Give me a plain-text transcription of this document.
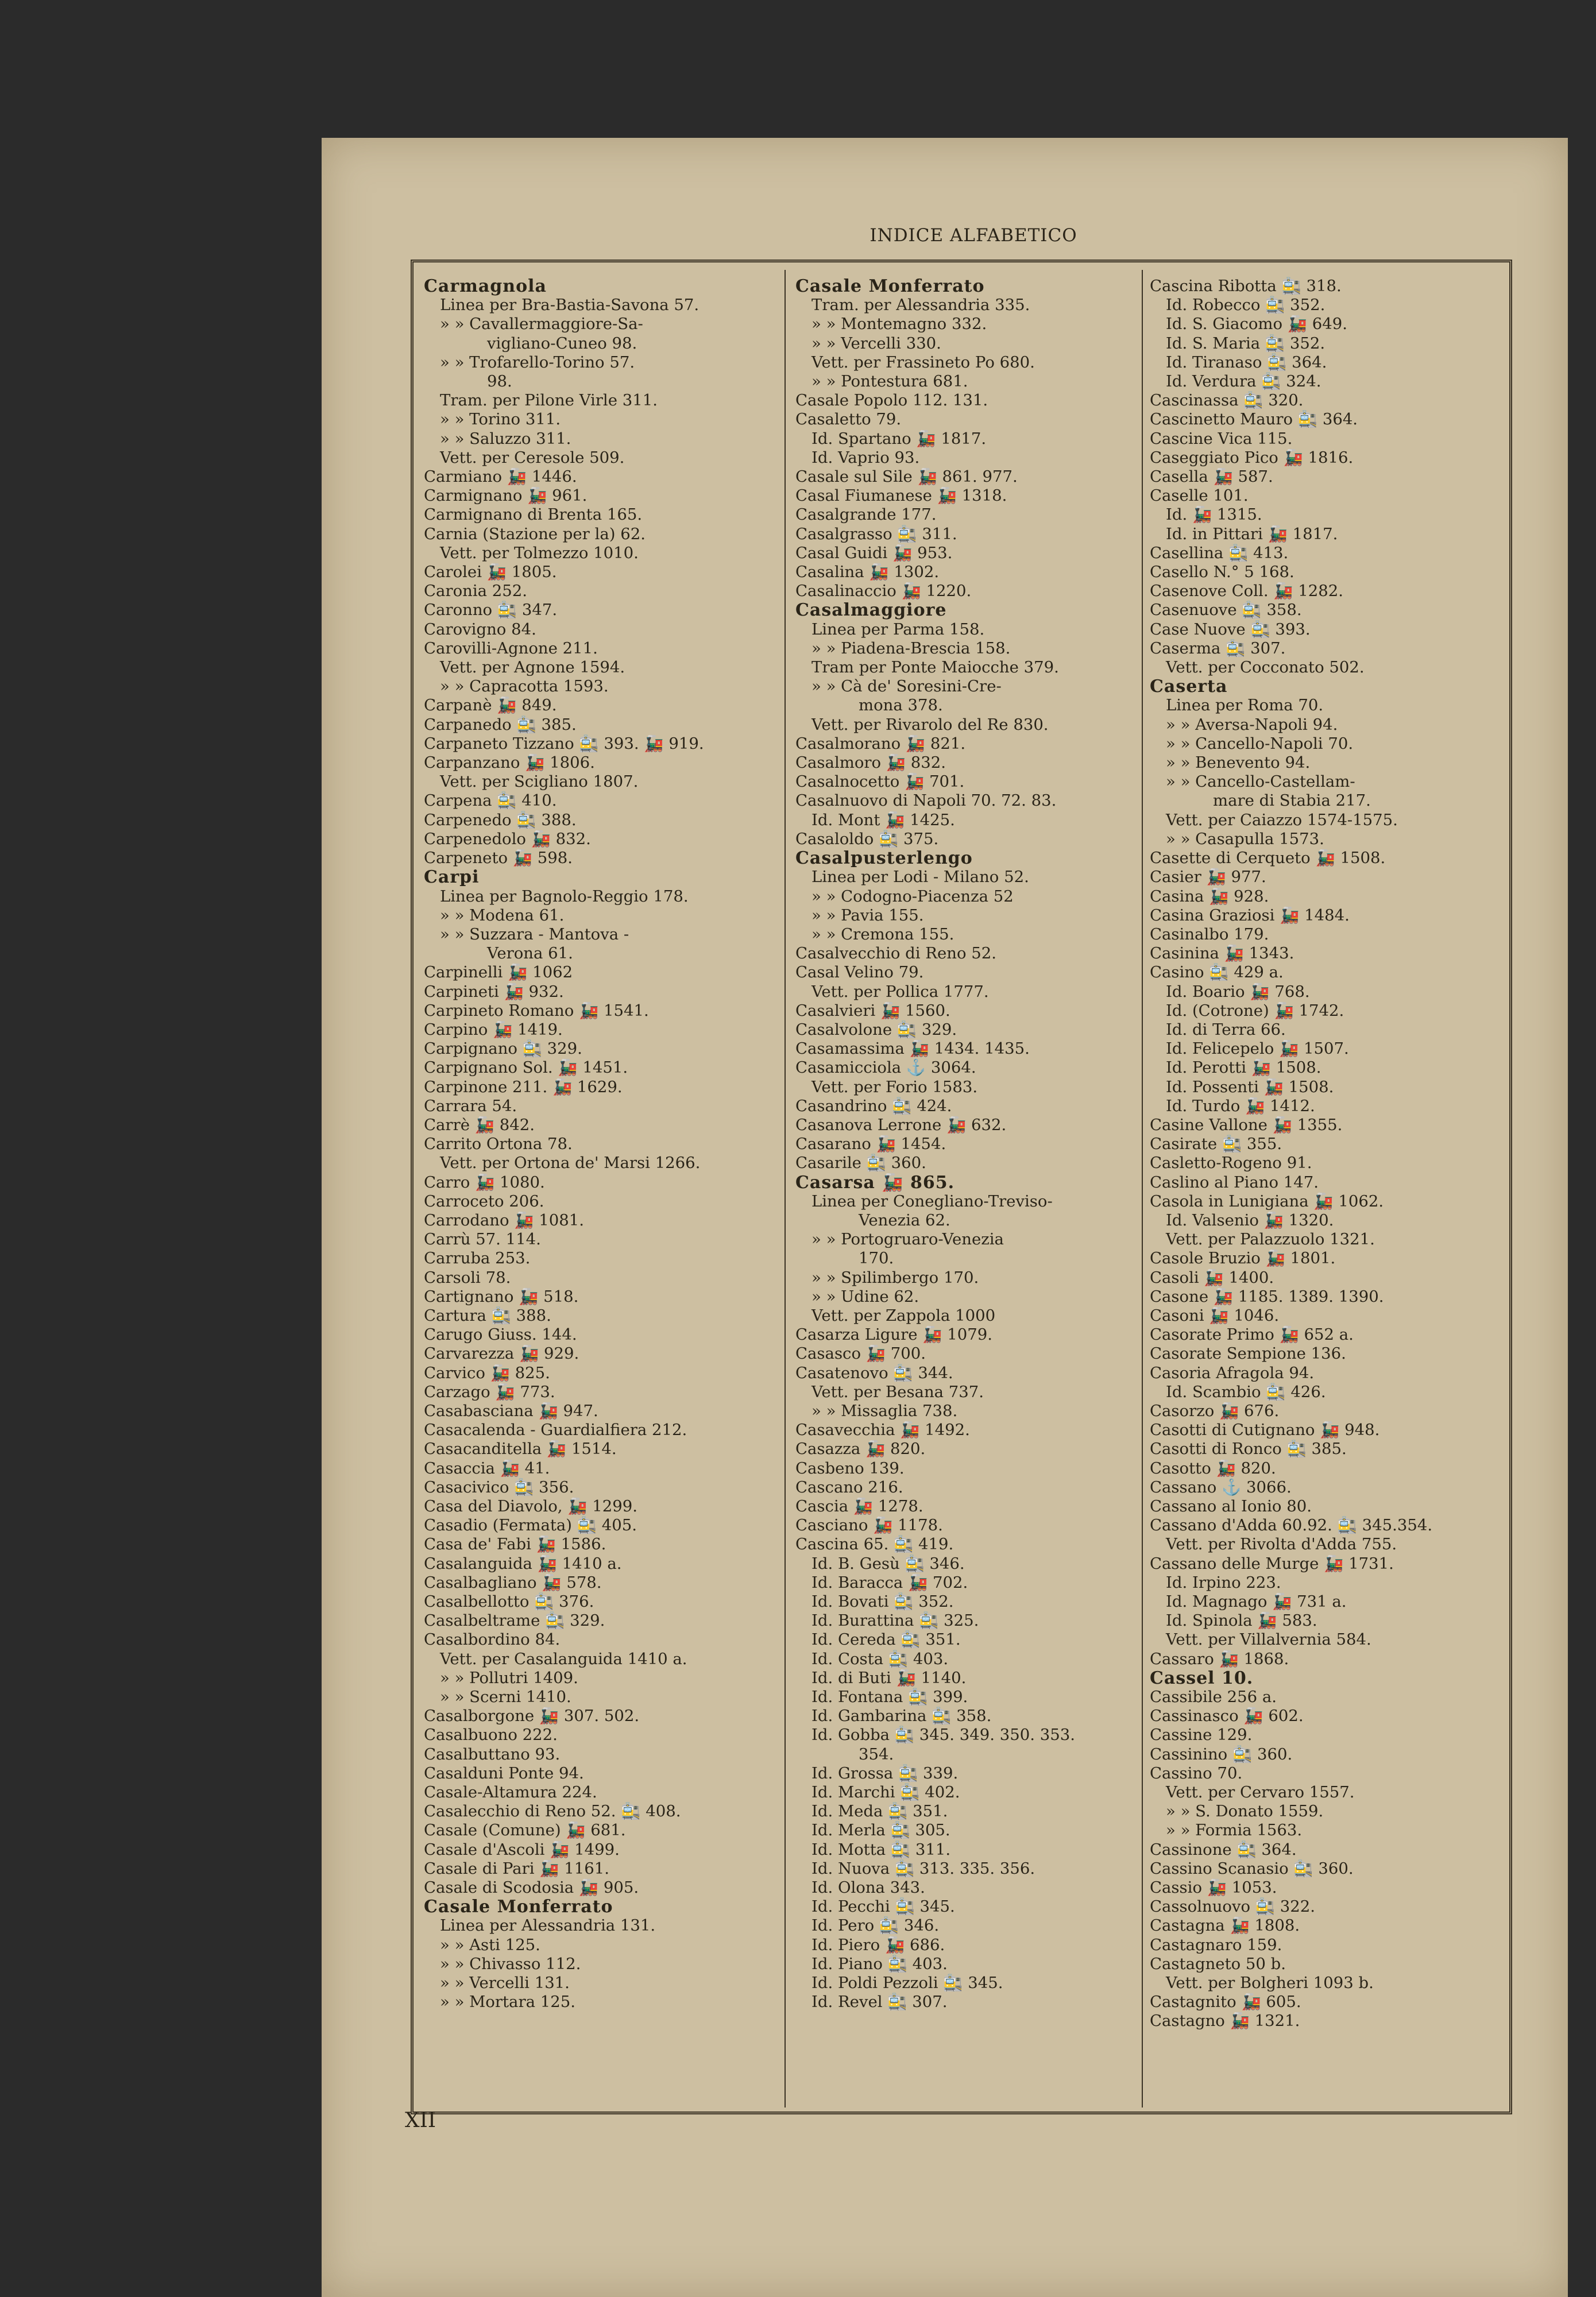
INDICE ALFABETICO
Carmagnola
Linea per Bra-Bastia-Savona 57.
» » Cavallermaggiore-Sa-
vigliano-Cuneo 98.
» » Trofarello-Torino 57.
98.
Tram. per Pilone Virle 311.
» » Torino 311.
» » Saluzzo 311.
Vett. per Ceresole 509.
Carmiano 🚂 1446.
Carmignano 🚂 961.
Carmignano di Brenta 165.
Carnia (Stazione per la) 62.
Vett. per Tolmezzo 1010.
Carolei 🚂 1805.
Caronia 252.
Caronno 🚉 347.
Carovigno 84.
Carovilli-Agnone 211.
Vett. per Agnone 1594.
» » Capracotta 1593.
Carpanè 🚂 849.
Carpanedo 🚉 385.
Carpaneto Tizzano 🚉 393. 🚂 919.
Carpanzano 🚂 1806.
Vett. per Scigliano 1807.
Carpena 🚉 410.
Carpenedo 🚉 388.
Carpenedolo 🚂 832.
Carpeneto 🚂 598.
Carpi
Linea per Bagnolo-Reggio 178.
» » Modena 61.
» » Suzzara - Mantova -
Verona 61.
Carpinelli 🚂 1062
Carpineti 🚂 932.
Carpineto Romano 🚂 1541.
Carpino 🚂 1419.
Carpignano 🚉 329.
Carpignano Sol. 🚂 1451.
Carpinone 211. 🚂 1629.
Carrara 54.
Carrè 🚂 842.
Carrito Ortona 78.
Vett. per Ortona de' Marsi 1266.
Carro 🚂 1080.
Carroceto 206.
Carrodano 🚂 1081.
Carrù 57. 114.
Carruba 253.
Carsoli 78.
Cartignano 🚂 518.
Cartura 🚉 388.
Carugo Giuss. 144.
Carvarezza 🚂 929.
Carvico 🚂 825.
Carzago 🚂 773.
Casabasciana 🚂 947.
Casacalenda - Guardialfiera 212.
Casacanditella 🚂 1514.
Casaccia 🚂 41.
Casacivico 🚉 356.
Casa del Diavolo, 🚂 1299.
Casadio (Fermata) 🚉 405.
Casa de' Fabi 🚂 1586.
Casalanguida 🚂 1410 a.
Casalbagliano 🚂 578.
Casalbellotto 🚉 376.
Casalbeltrame 🚉 329.
Casalbordino 84.
Vett. per Casalanguida 1410 a.
» » Pollutri 1409.
» » Scerni 1410.
Casalborgone 🚂 307. 502.
Casalbuono 222.
Casalbuttano 93.
Casalduni Ponte 94.
Casale-Altamura 224.
Casalecchio di Reno 52. 🚉 408.
Casale (Comune) 🚂 681.
Casale d'Ascoli 🚂 1499.
Casale di Pari 🚂 1161.
Casale di Scodosia 🚂 905.
Casale Monferrato
Linea per Alessandria 131.
» » Asti 125.
» » Chivasso 112.
» » Vercelli 131.
» » Mortara 125.
Casale Monferrato
Tram. per Alessandria 335.
» » Montemagno 332.
» » Vercelli 330.
Vett. per Frassineto Po 680.
» » Pontestura 681.
Casale Popolo 112. 131.
Casaletto 79.
Id. Spartano 🚂 1817.
Id. Vaprio 93.
Casale sul Sile 🚂 861. 977.
Casal Fiumanese 🚂 1318.
Casalgrande 177.
Casalgrasso 🚉 311.
Casal Guidi 🚂 953.
Casalina 🚂 1302.
Casalinaccio 🚂 1220.
Casalmaggiore
Linea per Parma 158.
» » Piadena-Brescia 158.
Tram per Ponte Maiocche 379.
» » Cà de' Soresini-Cre-
mona 378.
Vett. per Rivarolo del Re 830.
Casalmorano 🚂 821.
Casalmoro 🚂 832.
Casalnocetto 🚂 701.
Casalnuovo di Napoli 70. 72. 83.
Id. Mont 🚂 1425.
Casaloldo 🚉 375.
Casalpusterlengo
Linea per Lodi - Milano 52.
» » Codogno-Piacenza 52
» » Pavia 155.
» » Cremona 155.
Casalvecchio di Reno 52.
Casal Velino 79.
Vett. per Pollica 1777.
Casalvieri 🚂 1560.
Casalvolone 🚉 329.
Casamassima 🚂 1434. 1435.
Casamicciola ⚓ 3064.
Vett. per Forio 1583.
Casandrino 🚉 424.
Casanova Lerrone 🚂 632.
Casarano 🚂 1454.
Casarile 🚉 360.
Casarsa 🚂 865.
Linea per Conegliano-Treviso-
Venezia 62.
» » Portogruaro-Venezia
170.
» » Spilimbergo 170.
» » Udine 62.
Vett. per Zappola 1000
Casarza Ligure 🚂 1079.
Casasco 🚂 700.
Casatenovo 🚉 344.
Vett. per Besana 737.
» » Missaglia 738.
Casavecchia 🚂 1492.
Casazza 🚂 820.
Casbeno 139.
Cascano 216.
Cascia 🚂 1278.
Casciano 🚂 1178.
Cascina 65. 🚉 419.
Id. B. Gesù 🚉 346.
Id. Baracca 🚂 702.
Id. Bovati 🚉 352.
Id. Burattina 🚉 325.
Id. Cereda 🚉 351.
Id. Costa 🚉 403.
Id. di Buti 🚂 1140.
Id. Fontana 🚉 399.
Id. Gambarina 🚉 358.
Id. Gobba 🚉 345. 349. 350. 353.
354.
Id. Grossa 🚉 339.
Id. Marchi 🚉 402.
Id. Meda 🚉 351.
Id. Merla 🚉 305.
Id. Motta 🚉 311.
Id. Nuova 🚉 313. 335. 356.
Id. Olona 343.
Id. Pecchi 🚉 345.
Id. Pero 🚉 346.
Id. Piero 🚂 686.
Id. Piano 🚉 403.
Id. Poldi Pezzoli 🚉 345.
Id. Revel 🚉 307.
Cascina Ribotta 🚉 318.
Id. Robecco 🚉 352.
Id. S. Giacomo 🚂 649.
Id. S. Maria 🚉 352.
Id. Tiranaso 🚉 364.
Id. Verdura 🚉 324.
Cascinassa 🚉 320.
Cascinetto Mauro 🚉 364.
Cascine Vica 115.
Caseggiato Pico 🚂 1816.
Casella 🚂 587.
Caselle 101.
Id. 🚂 1315.
Id. in Pittari 🚂 1817.
Casellina 🚉 413.
Casello N.° 5 168.
Casenove Coll. 🚂 1282.
Casenuove 🚉 358.
Case Nuove 🚉 393.
Caserma 🚉 307.
Vett. per Cocconato 502.
Caserta
Linea per Roma 70.
» » Aversa-Napoli 94.
» » Cancello-Napoli 70.
» » Benevento 94.
» » Cancello-Castellam-
mare di Stabia 217.
Vett. per Caiazzo 1574-1575.
» » Casapulla 1573.
Casette di Cerqueto 🚂 1508.
Casier 🚂 977.
Casina 🚂 928.
Casina Graziosi 🚂 1484.
Casinalbo 179.
Casinina 🚂 1343.
Casino 🚉 429 a.
Id. Boario 🚂 768.
Id. (Cotrone) 🚂 1742.
Id. di Terra 66.
Id. Felicepelo 🚂 1507.
Id. Perotti 🚂 1508.
Id. Possenti 🚂 1508.
Id. Turdo 🚂 1412.
Casine Vallone 🚂 1355.
Casirate 🚉 355.
Casletto-Rogeno 91.
Caslino al Piano 147.
Casola in Lunigiana 🚂 1062.
Id. Valsenio 🚂 1320.
Vett. per Palazzuolo 1321.
Casole Bruzio 🚂 1801.
Casoli 🚂 1400.
Casone 🚂 1185. 1389. 1390.
Casoni 🚂 1046.
Casorate Primo 🚂 652 a.
Casorate Sempione 136.
Casoria Afragola 94.
Id. Scambio 🚉 426.
Casorzo 🚂 676.
Casotti di Cutignano 🚂 948.
Casotti di Ronco 🚉 385.
Casotto 🚂 820.
Cassano ⚓ 3066.
Cassano al Ionio 80.
Cassano d'Adda 60.92. 🚉 345.354.
Vett. per Rivolta d'Adda 755.
Cassano delle Murge 🚂 1731.
Id. Irpino 223.
Id. Magnago 🚂 731 a.
Id. Spinola 🚂 583.
Vett. per Villalvernia 584.
Cassaro 🚂 1868.
Cassel 10.
Cassibile 256 a.
Cassinasco 🚂 602.
Cassine 129.
Cassinino 🚉 360.
Cassino 70.
Vett. per Cervaro 1557.
» » S. Donato 1559.
» » Formia 1563.
Cassinone 🚉 364.
Cassino Scanasio 🚉 360.
Cassio 🚂 1053.
Cassolnuovo 🚉 322.
Castagna 🚂 1808.
Castagnaro 159.
Castagneto 50 b.
Vett. per Bolgheri 1093 b.
Castagnito 🚂 605.
Castagno 🚂 1321.
XII
